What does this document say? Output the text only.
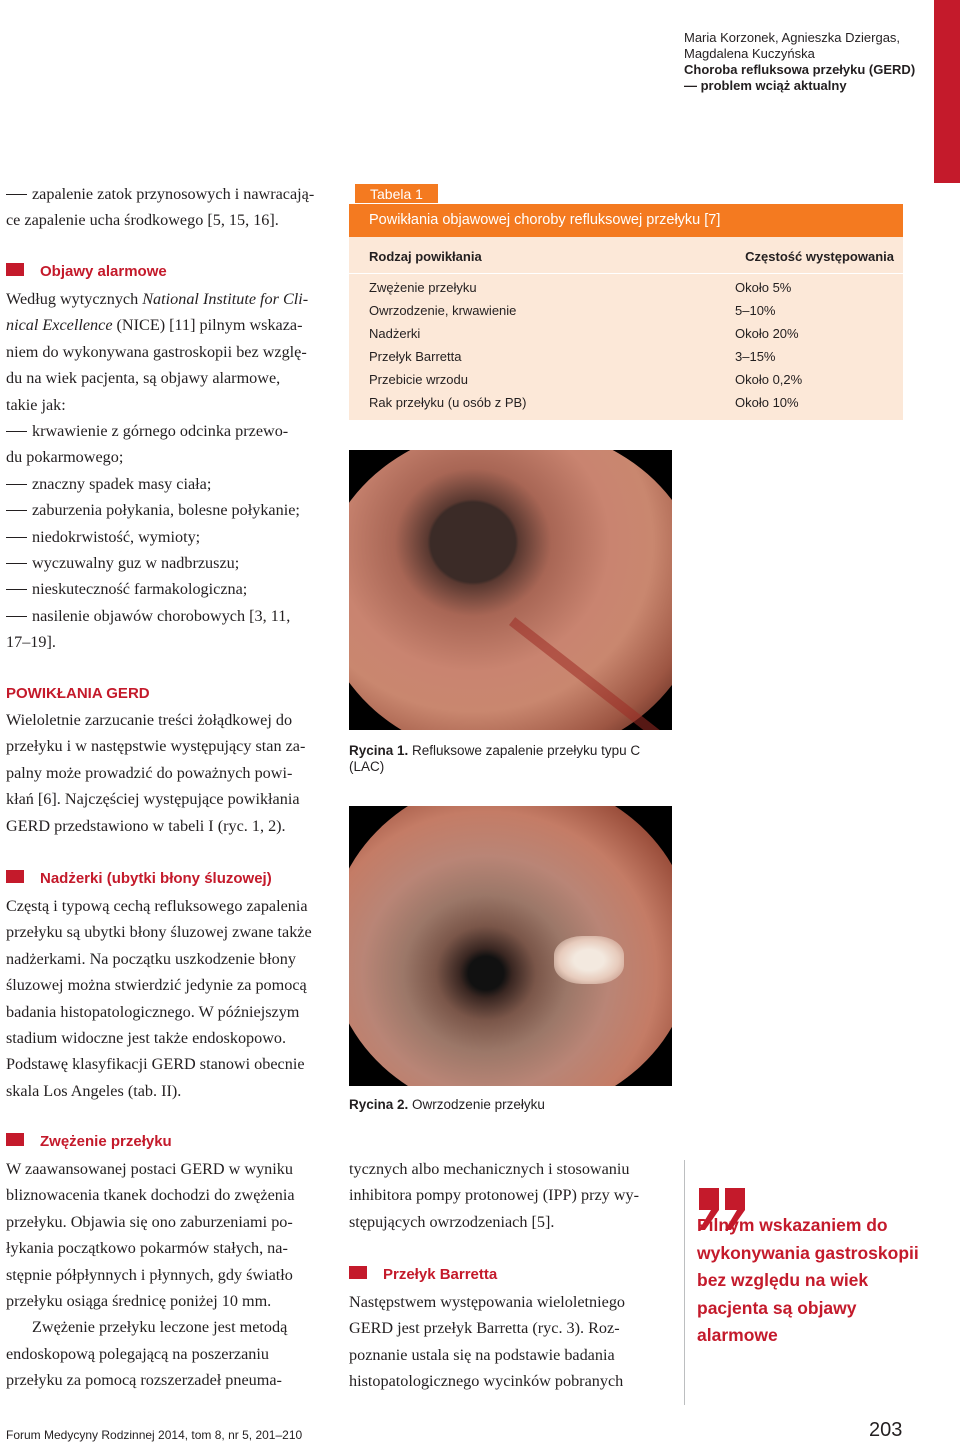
Maria Korzonek, Agnieszka Dziergas,
Magdalena Kuczyńska
Choroba refluksowa przełyku (GERD)
— problem wciąż aktualny
zapalenie zatok przynosowych i nawracają-
ce zapalenie ucha środkowego [5, 15, 16].
Objawy alarmowe
Według wytycznych National Institute for Cli-
nical Excellence (NICE) [11] pilnym wskaza-
niem do wykonywana gastroskopii bez wzglę-
du na wiek pacjenta, są objawy alarmowe,
takie jak:
krwawienie z górnego odcinka przewo-
du pokarmowego;
znaczny spadek masy ciała;
zaburzenia połykania, bolesne połykanie;
niedokrwistość, wymioty;
wyczuwalny guz w nadbrzuszu;
nieskuteczność farmakologiczna;
nasilenie objawów chorobowych [3, 11,
17–19].
POWIKŁANIA GERD
Wieloletnie zarzucanie treści żołądkowej do
przełyku i w następstwie występujący stan za-
palny może prowadzić do poważnych powi-
kłań [6]. Najczęściej występujące powikłania
GERD przedstawiono w tabeli I (ryc. 1, 2).
Nadżerki (ubytki błony śluzowej)
Częstą i typową cechą refluksowego zapalenia
przełyku są ubytki błony śluzowej zwane także
nadżerkami. Na początku uszkodzenie błony
śluzowej można stwierdzić jedynie za pomocą
badania histopatologicznego. W późniejszym
stadium widoczne jest także endoskopowo.
Podstawę klasyfikacji GERD stanowi obecnie
skala Los Angeles (tab. II).
Zwężenie przełyku
W zaawansowanej postaci GERD w wyniku
bliznowacenia tkanek dochodzi do zwężenia
przełyku. Objawia się ono zaburzeniami po-
łykania początkowo pokarmów stałych, na-
stępnie półpłynnych i płynnych, gdy światło
przełyku osiąga średnicę poniżej 10 mm.
Zwężenie przełyku leczone jest metodą
endoskopową polegającą na poszerzaniu
przełyku za pomocą rozszerzadeł pneuma-
Tabela 1
Powikłania objawowej choroby refluksowej przełyku [7]
Rodzaj powikłania	Częstość występowania
Zwężenie przełyku	Około 5%
Owrzodzenie, krwawienie	5–10%
Nadżerki	Około 20%
Przełyk Barretta	3–15%
Przebicie wrzodu	Około 0,2%
Rak przełyku (u osób z PB)	Około 10%
Rycina 1. Refluksowe zapalenie przełyku typu C
(LAC)
Rycina 2. Owrzodzenie przełyku
tycznych albo mechanicznych i stosowaniu
inhibitora pompy protonowej (IPP) przy wy-
stępujących owrzodzeniach [5].
Przełyk Barretta
Następstwem występowania wieloletniego
GERD jest przełyk Barretta (ryc. 3). Roz-
poznanie ustala się na podstawie badania
histopatologicznego wycinków pobranych
Pilnym wskazaniem do
wykonywania gastroskopii
bez względu na wiek
pacjenta są objawy
alarmowe
Forum Medycyny Rodzinnej 2014, tom 8, nr 5, 201–210	203
